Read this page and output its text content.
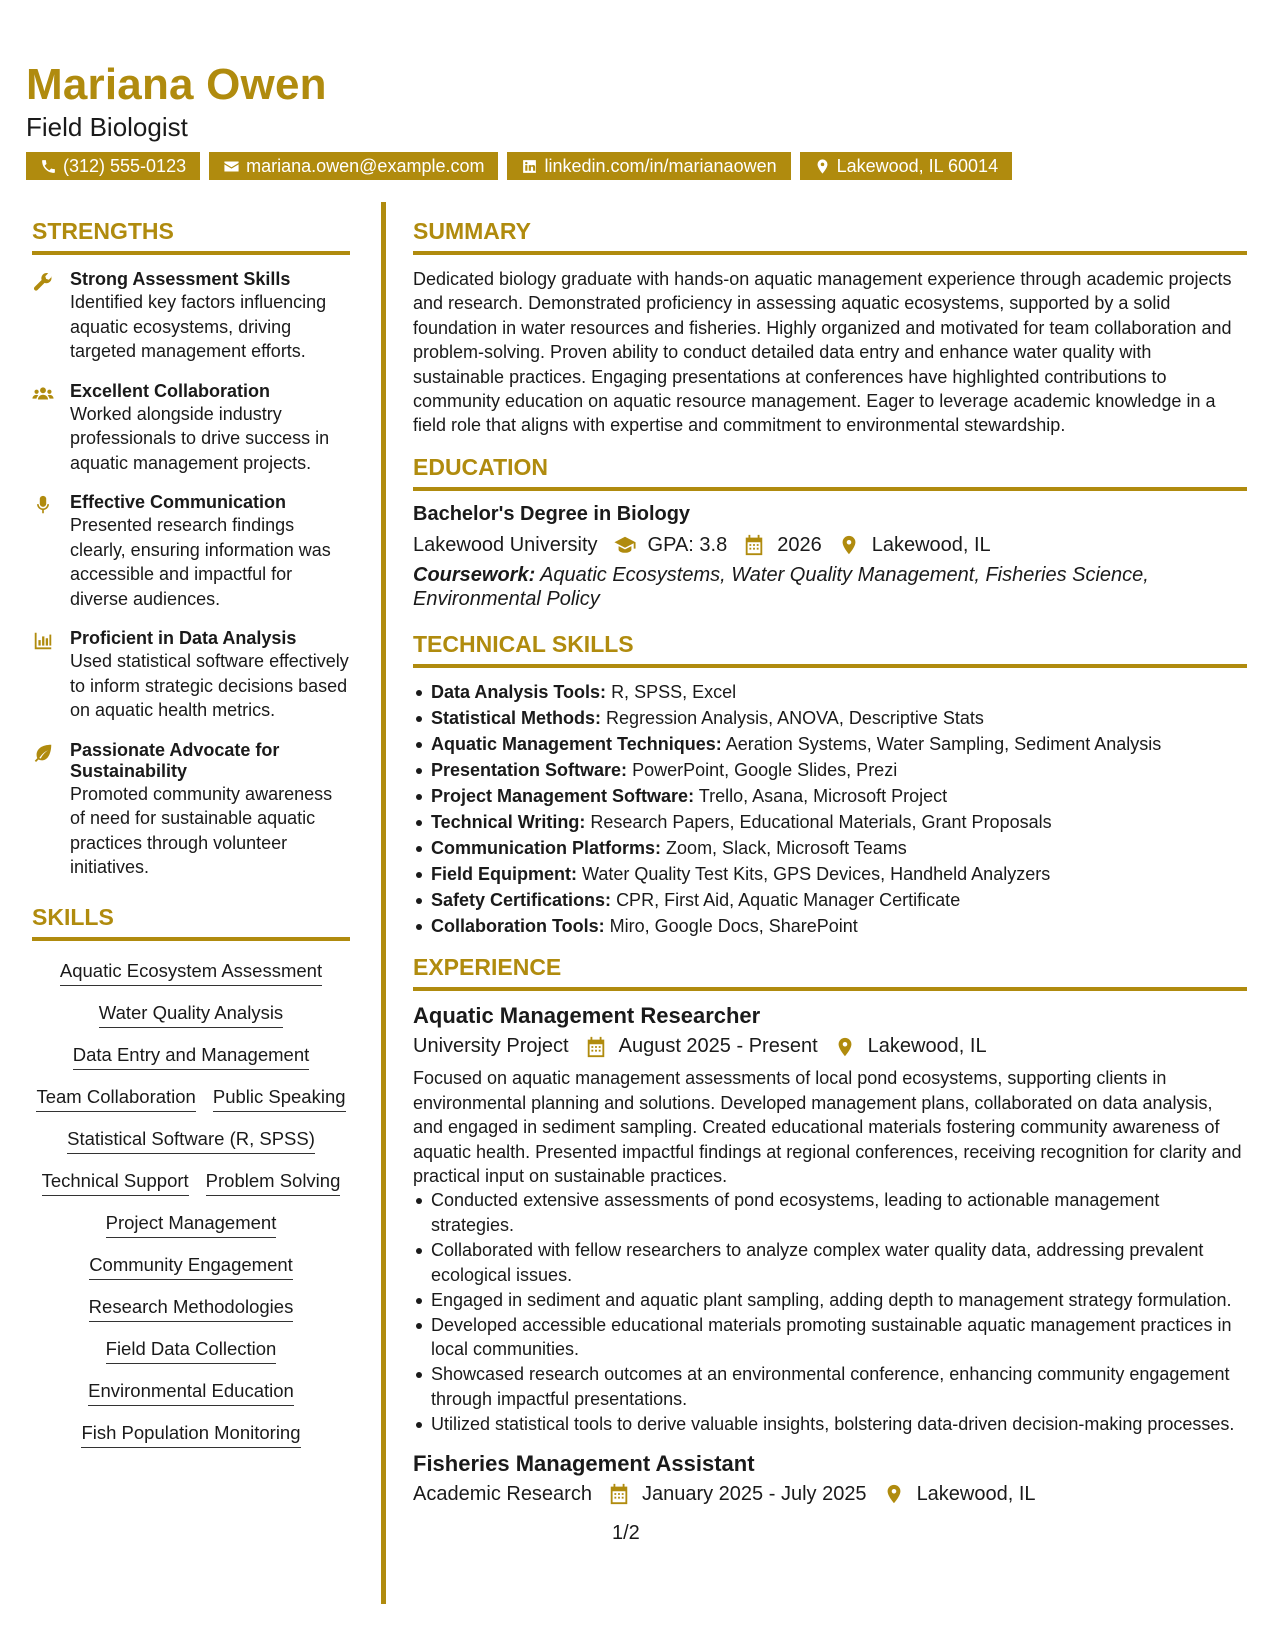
Mariana Owen
Field Biologist
(312) 555-0123	mariana.owen@example.com	linkedin.com/in/marianaowen	Lakewood, IL 60014
STRENGTHS
Strong Assessment Skills
Identified key factors influencing aquatic ecosystems, driving targeted management efforts.
Excellent Collaboration
Worked alongside industry professionals to drive success in aquatic management projects.
Effective Communication
Presented research findings clearly, ensuring information was accessible and impactful for diverse audiences.
Proficient in Data Analysis
Used statistical software effectively to inform strategic decisions based on aquatic health metrics.
Passionate Advocate for Sustainability
Promoted community awareness of need for sustainable aquatic practices through volunteer initiatives.
SKILLS
Aquatic Ecosystem Assessment
Water Quality Analysis
Data Entry and Management
Team Collaboration Public Speaking
Statistical Software (R, SPSS)
Technical Support Problem Solving
Project Management
Community Engagement
Research Methodologies
Field Data Collection
Environmental Education
Fish Population Monitoring
SUMMARY
Dedicated biology graduate with hands-on aquatic management experience through academic projects and research. Demonstrated proficiency in assessing aquatic ecosystems, supported by a solid foundation in water resources and fisheries. Highly organized and motivated for team collaboration and problem-solving. Proven ability to conduct detailed data entry and enhance water quality with sustainable practices. Engaging presentations at conferences have highlighted contributions to community education on aquatic resource management. Eager to leverage academic knowledge in a field role that aligns with expertise and commitment to environmental stewardship.
EDUCATION
Bachelor's Degree in Biology
Lakewood University	GPA: 3.8	2026	Lakewood, IL
Coursework: Aquatic Ecosystems, Water Quality Management, Fisheries Science, Environmental Policy
TECHNICAL SKILLS
Data Analysis Tools: R, SPSS, Excel
Statistical Methods: Regression Analysis, ANOVA, Descriptive Stats
Aquatic Management Techniques: Aeration Systems, Water Sampling, Sediment Analysis
Presentation Software: PowerPoint, Google Slides, Prezi
Project Management Software: Trello, Asana, Microsoft Project
Technical Writing: Research Papers, Educational Materials, Grant Proposals
Communication Platforms: Zoom, Slack, Microsoft Teams
Field Equipment: Water Quality Test Kits, GPS Devices, Handheld Analyzers
Safety Certifications: CPR, First Aid, Aquatic Manager Certificate
Collaboration Tools: Miro, Google Docs, SharePoint
EXPERIENCE
Aquatic Management Researcher
University Project	August 2025 - Present	Lakewood, IL
Focused on aquatic management assessments of local pond ecosystems, supporting clients in environmental planning and solutions. Developed management plans, collaborated on data analysis, and engaged in sediment sampling. Created educational materials fostering community awareness of aquatic health. Presented impactful findings at regional conferences, receiving recognition for clarity and practical input on sustainable practices.
Conducted extensive assessments of pond ecosystems, leading to actionable management strategies.
Collaborated with fellow researchers to analyze complex water quality data, addressing prevalent ecological issues.
Engaged in sediment and aquatic plant sampling, adding depth to management strategy formulation.
Developed accessible educational materials promoting sustainable aquatic management practices in local communities.
Showcased research outcomes at an environmental conference, enhancing community engagement through impactful presentations.
Utilized statistical tools to derive valuable insights, bolstering data-driven decision-making processes.
Fisheries Management Assistant
Academic Research	January 2025 - July 2025	Lakewood, IL
1/2
